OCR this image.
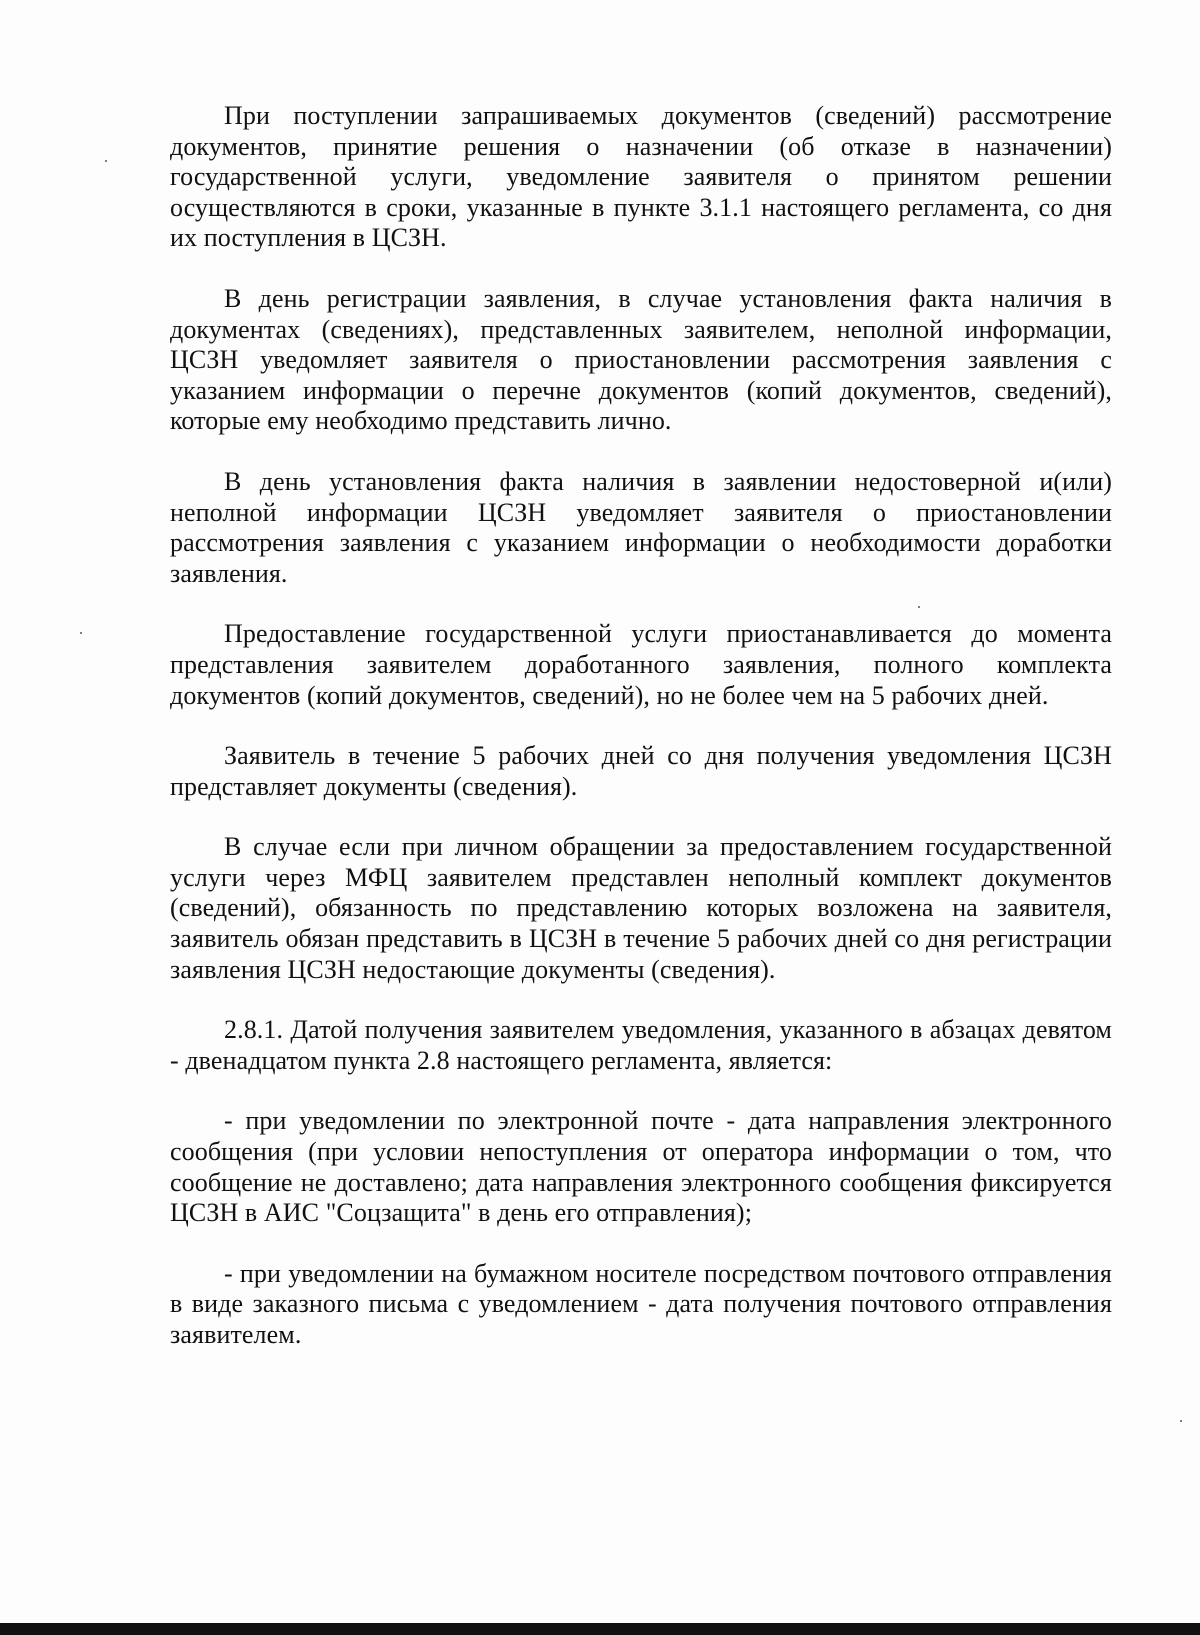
При поступлении запрашиваемых документов (сведений) рассмотрение документов, принятие решения о назначении (об отказе в назначении) государственной услуги, уведомление заявителя о принятом решении осуществляются в сроки, указанные в пункте 3.1.1 настоящего регламента, со дня их поступления в ЦСЗН.

В день регистрации заявления, в случае установления факта наличия в документах (сведениях), представленных заявителем, неполной информации, ЦСЗН уведомляет заявителя о приостановлении рассмотрения заявления с указанием информации о перечне документов (копий документов, сведений), которые ему необходимо представить лично.

В день установления факта наличия в заявлении недостоверной и(или) неполной информации ЦСЗН уведомляет заявителя о приостановлении рассмотрения заявления с указанием информации о необходимости доработки заявления.

Предоставление государственной услуги приостанавливается до момента представления заявителем доработанного заявления, полного комплекта документов (копий документов, сведений), но не более чем на 5 рабочих дней.

Заявитель в течение 5 рабочих дней со дня получения уведомления ЦСЗН представляет документы (сведения).

В случае если при личном обращении за предоставлением государственной услуги через МФЦ заявителем представлен неполный комплект документов (сведений), обязанность по представлению которых возложена на заявителя, заявитель обязан представить в ЦСЗН в течение 5 рабочих дней со дня регистрации заявления ЦСЗН недостающие документы (сведения).

2.8.1. Датой получения заявителем уведомления, указанного в абзацах девятом - двенадцатом пункта 2.8 настоящего регламента, является:

- при уведомлении по электронной почте - дата направления электронного сообщения (при условии непоступления от оператора информации о том, что сообщение не доставлено; дата направления электронного сообщения фиксируется ЦСЗН в АИС "Соцзащита" в день его отправления);

- при уведомлении на бумажном носителе посредством почтового отправления в виде заказного письма с уведомлением - дата получения почтового отправления заявителем.
